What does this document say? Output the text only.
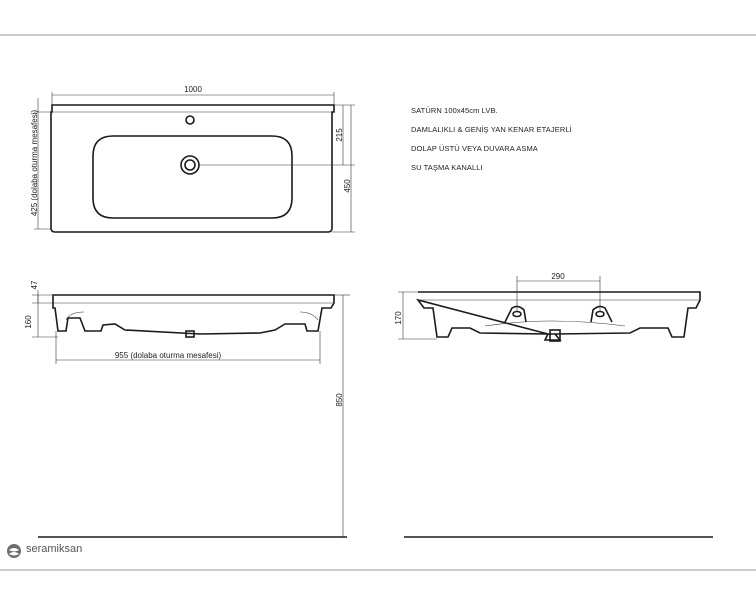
1000
215
450
425 (dolaba oturma mesafesi)
47
160
955 (dolaba oturma mesafesi)
850
290
170
SATÜRN 100x45cm LVB.
DAMLALIKLI & GENİŞ YAN KENAR ETAJERLİ
DOLAP ÜSTÜ VEYA DUVARA ASMA
SU TAŞMA KANALLI
seramiksan
